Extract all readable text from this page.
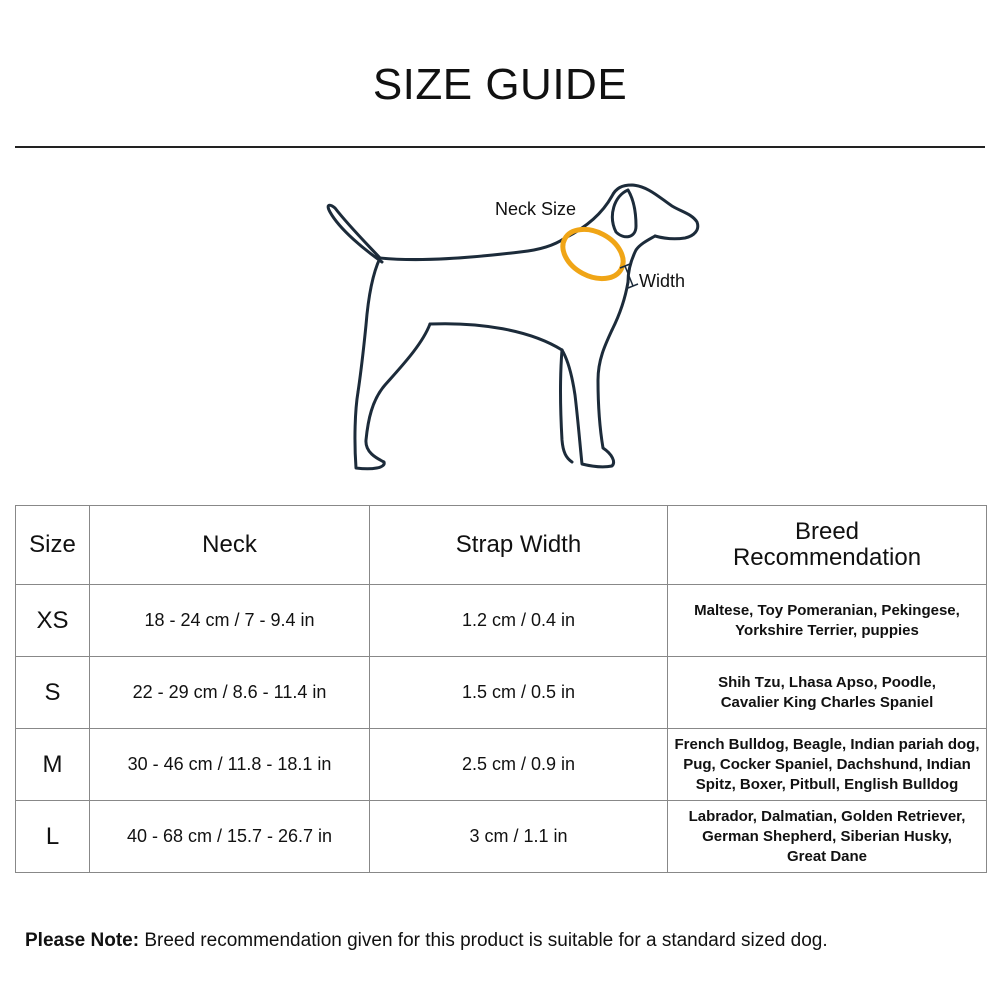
SIZE GUIDE
Neck Size
Width
Size	Neck	Strap Width	Breed
Recommendation

XS	18 - 24 cm / 7 - 9.4 in	1.2 cm / 0.4 in	Maltese, Toy Pomeranian, Pekingese,
Yorkshire Terrier, puppies

S	22 - 29 cm / 8.6 - 11.4 in	1.5 cm / 0.5 in	Shih Tzu, Lhasa Apso, Poodle,
Cavalier King Charles Spaniel

M	30 - 46 cm / 11.8 - 18.1 in	2.5 cm / 0.9 in	French Bulldog, Beagle, Indian pariah dog,
Pug, Cocker Spaniel, Dachshund, Indian
Spitz, Boxer, Pitbull, English Bulldog

L	40 - 68 cm / 15.7 - 26.7 in	3 cm / 1.1 in	Labrador, Dalmatian, Golden Retriever,
German Shepherd, Siberian Husky,
Great Dane
Please Note: Breed recommendation given for this product is suitable for a standard sized dog.
